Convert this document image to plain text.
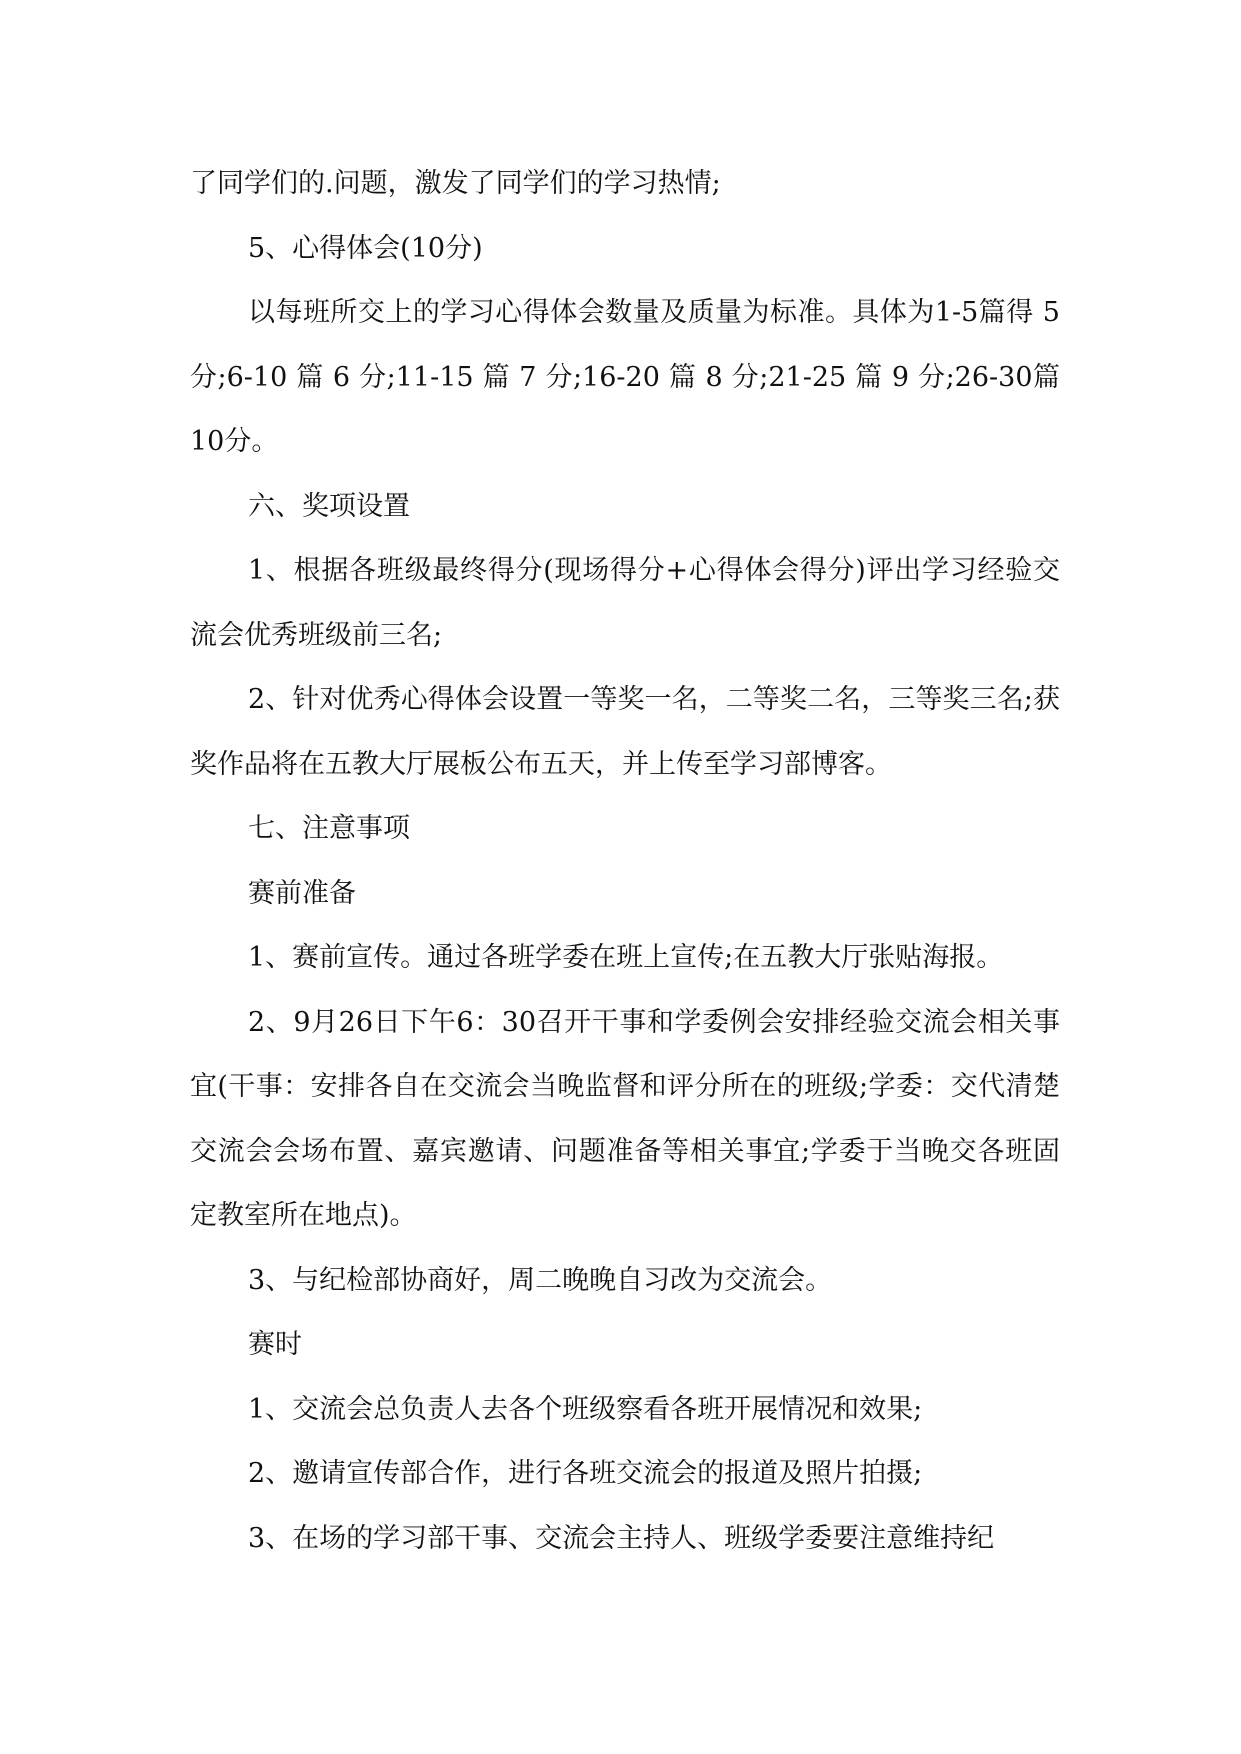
了同学们的.问题，激发了同学们的学习热情;

5、心得体会(10分)

以每班所交上的学习心得体会数量及质量为标准。具体为1-5篇得 5 分;6-10 篇 6 分;11-15 篇 7 分;16-20 篇 8 分;21-25 篇 9 分;26-30篇10分。

六、奖项设置

1、根据各班级最终得分(现场得分+心得体会得分)评出学习经验交流会优秀班级前三名;

2、针对优秀心得体会设置一等奖一名，二等奖二名，三等奖三名;获奖作品将在五教大厅展板公布五天，并上传至学习部博客。

七、注意事项

赛前准备

1、赛前宣传。通过各班学委在班上宣传;在五教大厅张贴海报。

2、9月26日下午6：30召开干事和学委例会安排经验交流会相关事宜(干事：安排各自在交流会当晚监督和评分所在的班级;学委：交代清楚交流会会场布置、嘉宾邀请、问题准备等相关事宜;学委于当晚交各班固定教室所在地点)。

3、与纪检部协商好，周二晚晚自习改为交流会。

赛时

1、交流会总负责人去各个班级察看各班开展情况和效果;

2、邀请宣传部合作，进行各班交流会的报道及照片拍摄;

3、在场的学习部干事、交流会主持人、班级学委要注意维持纪
